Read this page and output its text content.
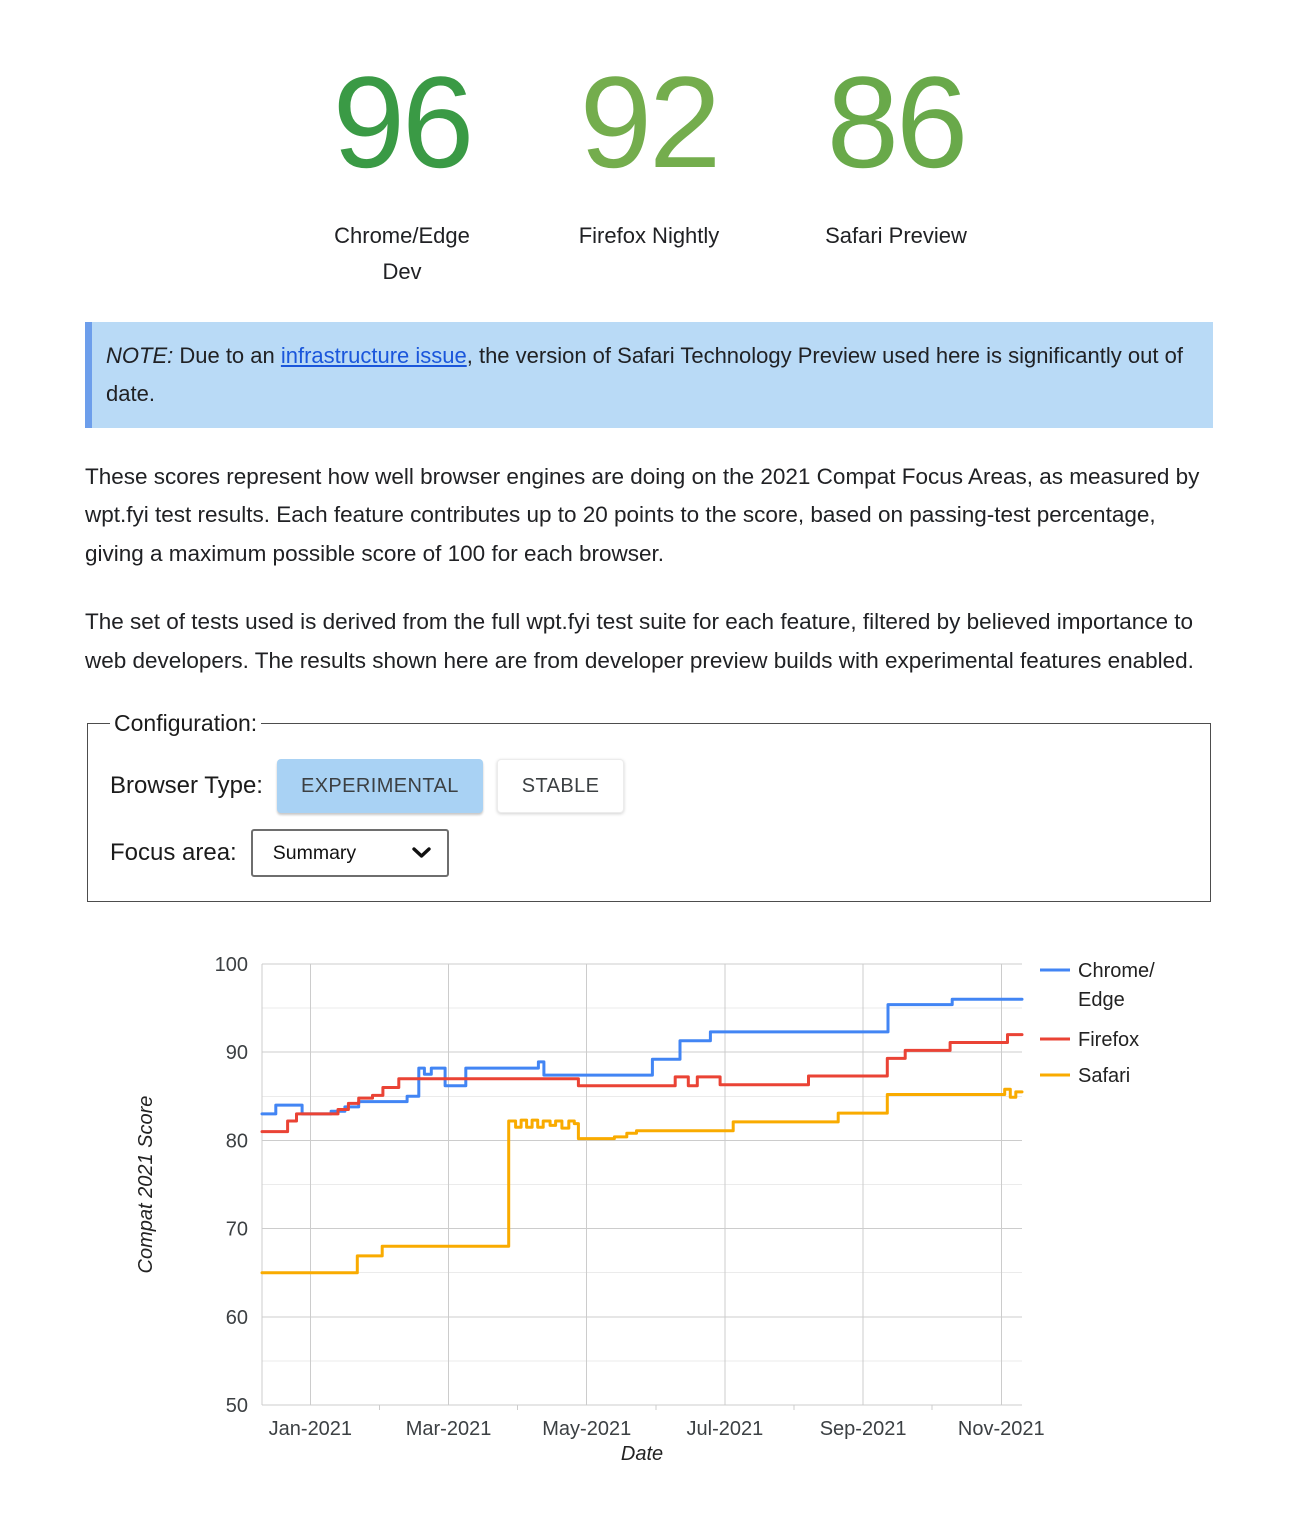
96
Chrome/Edge Dev
92
Firefox Nightly
86
Safari Preview
NOTE: Due to an infrastructure issue, the version of Safari Technology Preview used here is significantly out of date.

These scores represent how well browser engines are doing on the 2021 Compat Focus Areas, as measured by wpt.fyi test results. Each feature contributes up to 20 points to the score, based on passing-test percentage, giving a maximum possible score of 100 for each browser.

The set of tests used is derived from the full wpt.fyi test suite for each feature, filtered by believed importance to web developers. The results shown here are from developer preview builds with experimental features enabled.

Configuration:
Browser Type:	EXPERIMENTAL	STABLE
Focus area: Summary
50
60
70
80
90
100
Jan-2021	Mar-2021	May-2021	Jul-2021	Sep-2021	Nov-2021
Date
Compat 2021 Score
Chrome/
Edge
Firefox
Safari
